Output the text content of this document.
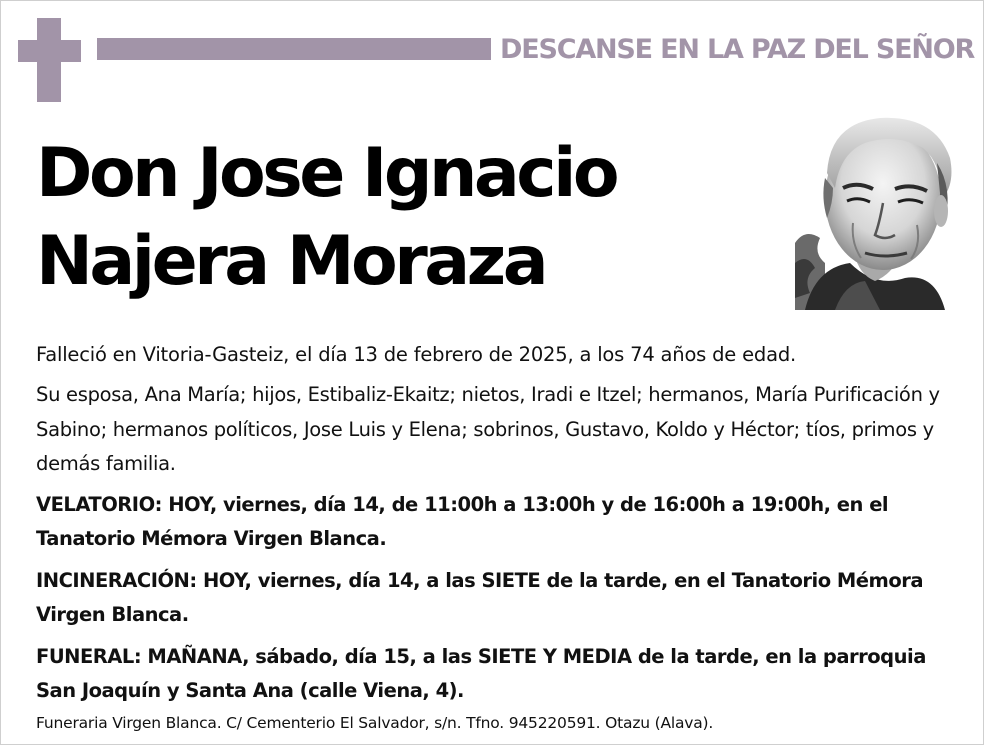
DESCANSE EN LA PAZ DEL SEÑOR
Don Jose Ignacio
Najera Moraza

Falleció en Vitoria-Gasteiz, el día 13 de febrero de 2025, a los 74 años de edad.

Su esposa, Ana María; hijos, Estibaliz-Ekaitz; nietos, Iradi e Itzel; hermanos, María Purificación y Sabino; hermanos políticos, Jose Luis y Elena; sobrinos, Gustavo, Koldo y Héctor; tíos, primos y demás familia.

VELATORIO: HOY, viernes, día 14, de 11:00h a 13:00h y de 16:00h a 19:00h, en el Tanatorio Mémora Virgen Blanca.

INCINERACIÓN: HOY, viernes, día 14, a las SIETE de la tarde, en el Tanatorio Mémora Virgen Blanca.

FUNERAL: MAÑANA, sábado, día 15, a las SIETE Y MEDIA de la tarde, en la parroquia San Joaquín y Santa Ana (calle Viena, 4).

Funeraria Virgen Blanca. C/ Cementerio El Salvador, s/n. Tfno. 945220591. Otazu (Alava).
